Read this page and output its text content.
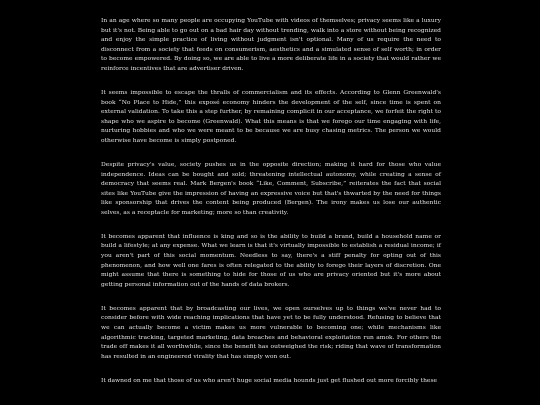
In an age where so many people are occupying YouTube with videos of themselves; privacy seems like a luxury but it's not. Being able to go out on a bad hair day without trending, walk into a store without being recognized and enjoy the simple practice of living without judgment isn't optional. Many of us require the need to disconnect from a society that feeds on consumerism, aesthetics and a simulated sense of self worth; in order to become empowered. By doing so, we are able to live a more deliberate life in a society that would rather we reinforce incentives that are advertiser driven.

It seems impossible to escape the thralls of commercialism and its effects. According to Glenn Greenwald's book “No Place to Hide,” this exposé economy hinders the development of the self, since time is spent on external validation. To take this a step further, by remaining complicit in our acceptance, we forfeit the right to shape who we aspire to become (Greenwald). What this means is that we forego our time engaging with life, nurturing hobbies and who we were meant to be because we are busy chasing metrics. The person we would otherwise have become is simply postponed.

Despite privacy's value, society pushes us in the opposite direction; making it hard for those who value independence. Ideas can be bought and sold; threatening intellectual autonomy, while creating a sense of democracy that seems real. Mark Bergen's book “Like, Comment, Subscribe,” reiterates the fact that social sites like YouTube give the impression of having an expressive voice but that's thwarted by the need for things like sponsorship that drives the content being produced (Bergen). The irony makes us lose our authentic selves, as a receptacle for marketing; more so than creativity.

It becomes apparent that influence is king and so is the ability to build a brand, build a household name or build a lifestyle; at any expense. What we learn is that it's virtually impossible to establish a residual income; if you aren't part of this social momentum. Needless to say, there's a stiff penalty for opting out of this phenomenon, and how well one fares is often relegated to the ability to forego their layers of discretion. One might assume that there is something to hide for those of us who are privacy oriented but it's more about getting personal information out of the hands of data brokers.

It becomes apparent that by broadcasting our lives, we open ourselves up to things we've never had to consider before with wide reaching implications that have yet to be fully understood. Refusing to believe that we can actually become a victim makes us more vulnerable to becoming one; while mechanisms like algorithmic tracking, targeted marketing, data breaches and behavioral exploitation run amok. For others the trade off makes it all worthwhile, since the benefit has outweighed the risk; riding that wave of transformation has resulted in an engineered virality that has simply won out.

It dawned on me that those of us who aren't huge social media hounds just get flushed out more forcibly these
